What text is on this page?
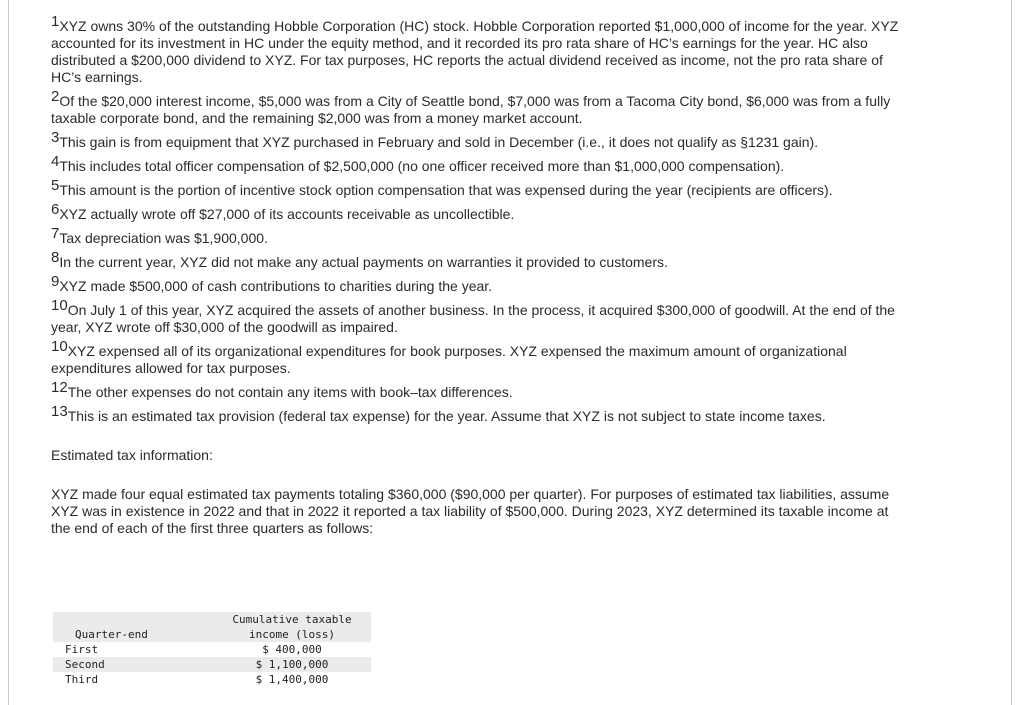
1XYZ owns 30% of the outstanding Hobble Corporation (HC) stock. Hobble Corporation reported $1,000,000 of income for the year. XYZ accounted for its investment in HC under the equity method, and it recorded its pro rata share of HC’s earnings for the year. HC also distributed a $200,000 dividend to XYZ. For tax purposes, HC reports the actual dividend received as income, not the pro rata share of HC’s earnings.
2Of the $20,000 interest income, $5,000 was from a City of Seattle bond, $7,000 was from a Tacoma City bond, $6,000 was from a fully taxable corporate bond, and the remaining $2,000 was from a money market account.
3This gain is from equipment that XYZ purchased in February and sold in December (i.e., it does not qualify as §1231 gain).
4This includes total officer compensation of $2,500,000 (no one officer received more than $1,000,000 compensation).
5This amount is the portion of incentive stock option compensation that was expensed during the year (recipients are officers).
6XYZ actually wrote off $27,000 of its accounts receivable as uncollectible.
7Tax depreciation was $1,900,000.
8In the current year, XYZ did not make any actual payments on warranties it provided to customers.
9XYZ made $500,000 of cash contributions to charities during the year.
10On July 1 of this year, XYZ acquired the assets of another business. In the process, it acquired $300,000 of goodwill. At the end of the year, XYZ wrote off $30,000 of the goodwill as impaired.
10XYZ expensed all of its organizational expenditures for book purposes. XYZ expensed the maximum amount of organizational expenditures allowed for tax purposes.
12The other expenses do not contain any items with book–tax differences.
13This is an estimated tax provision (federal tax expense) for the year. Assume that XYZ is not subject to state income taxes.
Estimated tax information:
XYZ made four equal estimated tax payments totaling $360,000 ($90,000 per quarter). For purposes of estimated tax liabilities, assume XYZ was in existence in 2022 and that in 2022 it reported a tax liability of $500,000. During 2023, XYZ determined its taxable income at the end of each of the first three quarters as follows:
	Cumulative taxable
Quarter-end	income (loss)
First	$ 400,000
Second	$ 1,100,000
Third	$ 1,400,000
